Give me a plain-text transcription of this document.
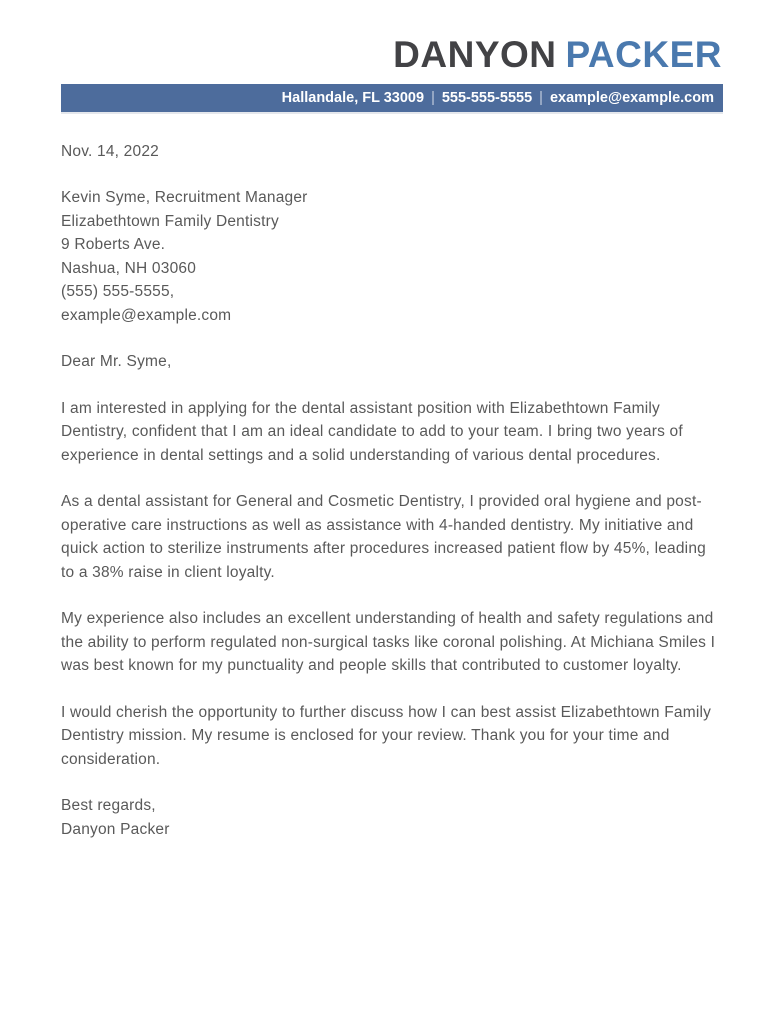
DANYON PACKER
Hallandale, FL 33009 | 555-555-5555 | example@example.com

Nov. 14, 2022

Kevin Syme, Recruitment Manager
Elizabethtown Family Dentistry
9 Roberts Ave.
Nashua, NH 03060
(555) 555-5555,
example@example.com

Dear Mr. Syme,

I am interested in applying for the dental assistant position with Elizabethtown Family Dentistry, confident that I am an ideal candidate to add to your team. I bring two years of experience in dental settings and a solid understanding of various dental procedures.

As a dental assistant for General and Cosmetic Dentistry, I provided oral hygiene and post-operative care instructions as well as assistance with 4-handed dentistry. My initiative and quick action to sterilize instruments after procedures increased patient flow by 45%, leading to a 38% raise in client loyalty.

My experience also includes an excellent understanding of health and safety regulations and the ability to perform regulated non-surgical tasks like coronal polishing. At Michiana Smiles I was best known for my punctuality and people skills that contributed to customer loyalty.

I would cherish the opportunity to further discuss how I can best assist Elizabethtown Family Dentistry mission. My resume is enclosed for your review. Thank you for your time and consideration.

Best regards,

Danyon Packer
